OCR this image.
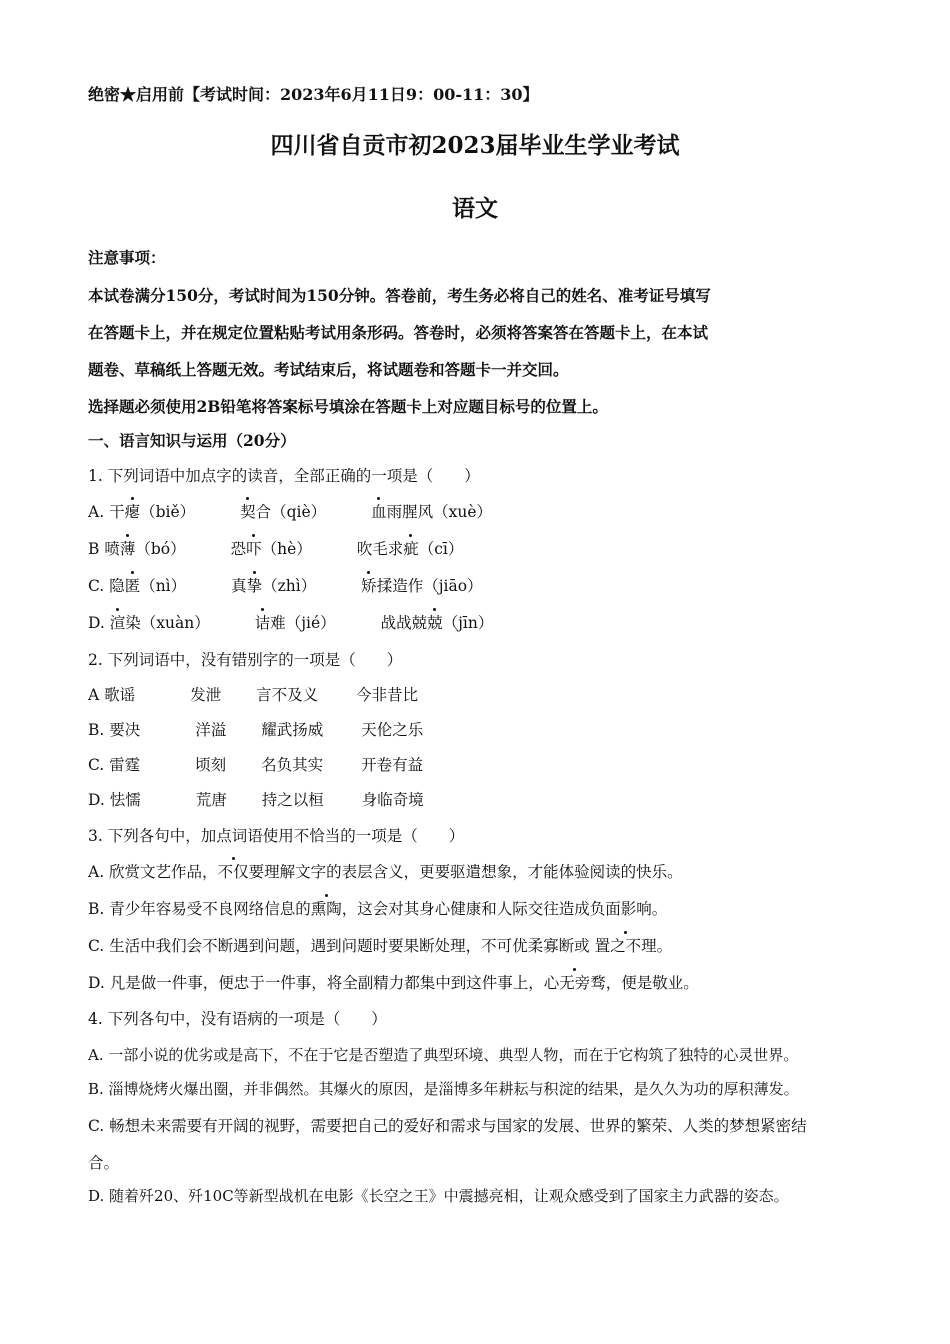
绝密★启用前【考试时间：2023年6月11日9：00-11：30】
四川省自贡市初2023届毕业生学业考试
语文
注意事项：
本试卷满分150分，考试时间为150分钟。答卷前，考生务必将自己的姓名、准考证号填写
在答题卡上，并在规定位置粘贴考试用条形码。答卷时，必须将答案答在答题卡上，在本试
题卷、草稿纸上答题无效。考试结束后，将试题卷和答题卡一并交回。
选择题必须使用2B铅笔将答案标号填涂在答题卡上对应题目标号的位置上。
一、语言知识与运用（20分）
1. 下列词语中加点字的读音，全部正确的一项是（　　）
A. 干瘪（biě）	契合（qiè）	血雨腥风（xuè）
B 喷薄（bó）	恐吓（hè）	吹毛求疵（cī）
C. 隐匿（nì）	真挚（zhì）	矫揉造作（jiāo）
D. 渲染（xuàn）	诘难（jié）	战战兢兢（jīn）
2. 下列词语中，没有错别字的一项是（　　）
A 歌谣	发泄 言不及义 今非昔比
B. 要决	洋溢 耀武扬威 天伦之乐
C. 雷霆	顷刻 名负其实 开卷有益
D. 怯懦	荒唐 持之以桓 身临奇境
3. 下列各句中，加点词语使用不恰当的一项是（　　）
A. 欣赏文艺作品，不仅要理解文字的表层含义，更要驱遣想象，才能体验阅读的快乐。
B. 青少年容易受不良网络信息的熏陶，这会对其身心健康和人际交往造成负面影响。
C. 生活中我们会不断遇到问题，遇到问题时要果断处理，不可优柔寡断或 置之不理。
D. 凡是做一件事，便忠于一件事，将全副精力都集中到这件事上，心无旁骛，便是敬业。
4. 下列各句中，没有语病的一项是（　　）
A. 一部小说的优劣或是高下，不在于它是否塑造了典型环境、典型人物，而在于它构筑了独特的心灵世界。
B. 淄博烧烤火爆出圈，并非偶然。其爆火的原因，是淄博多年耕耘与积淀的结果，是久久为功的厚积薄发。
C. 畅想未来需要有开阔的视野，需要把自己的爱好和需求与国家的发展、世界的繁荣、人类的梦想紧密结
合。
D. 随着歼20、歼10C等新型战机在电影《长空之王》中震撼亮相，让观众感受到了国家主力武器的姿态。
